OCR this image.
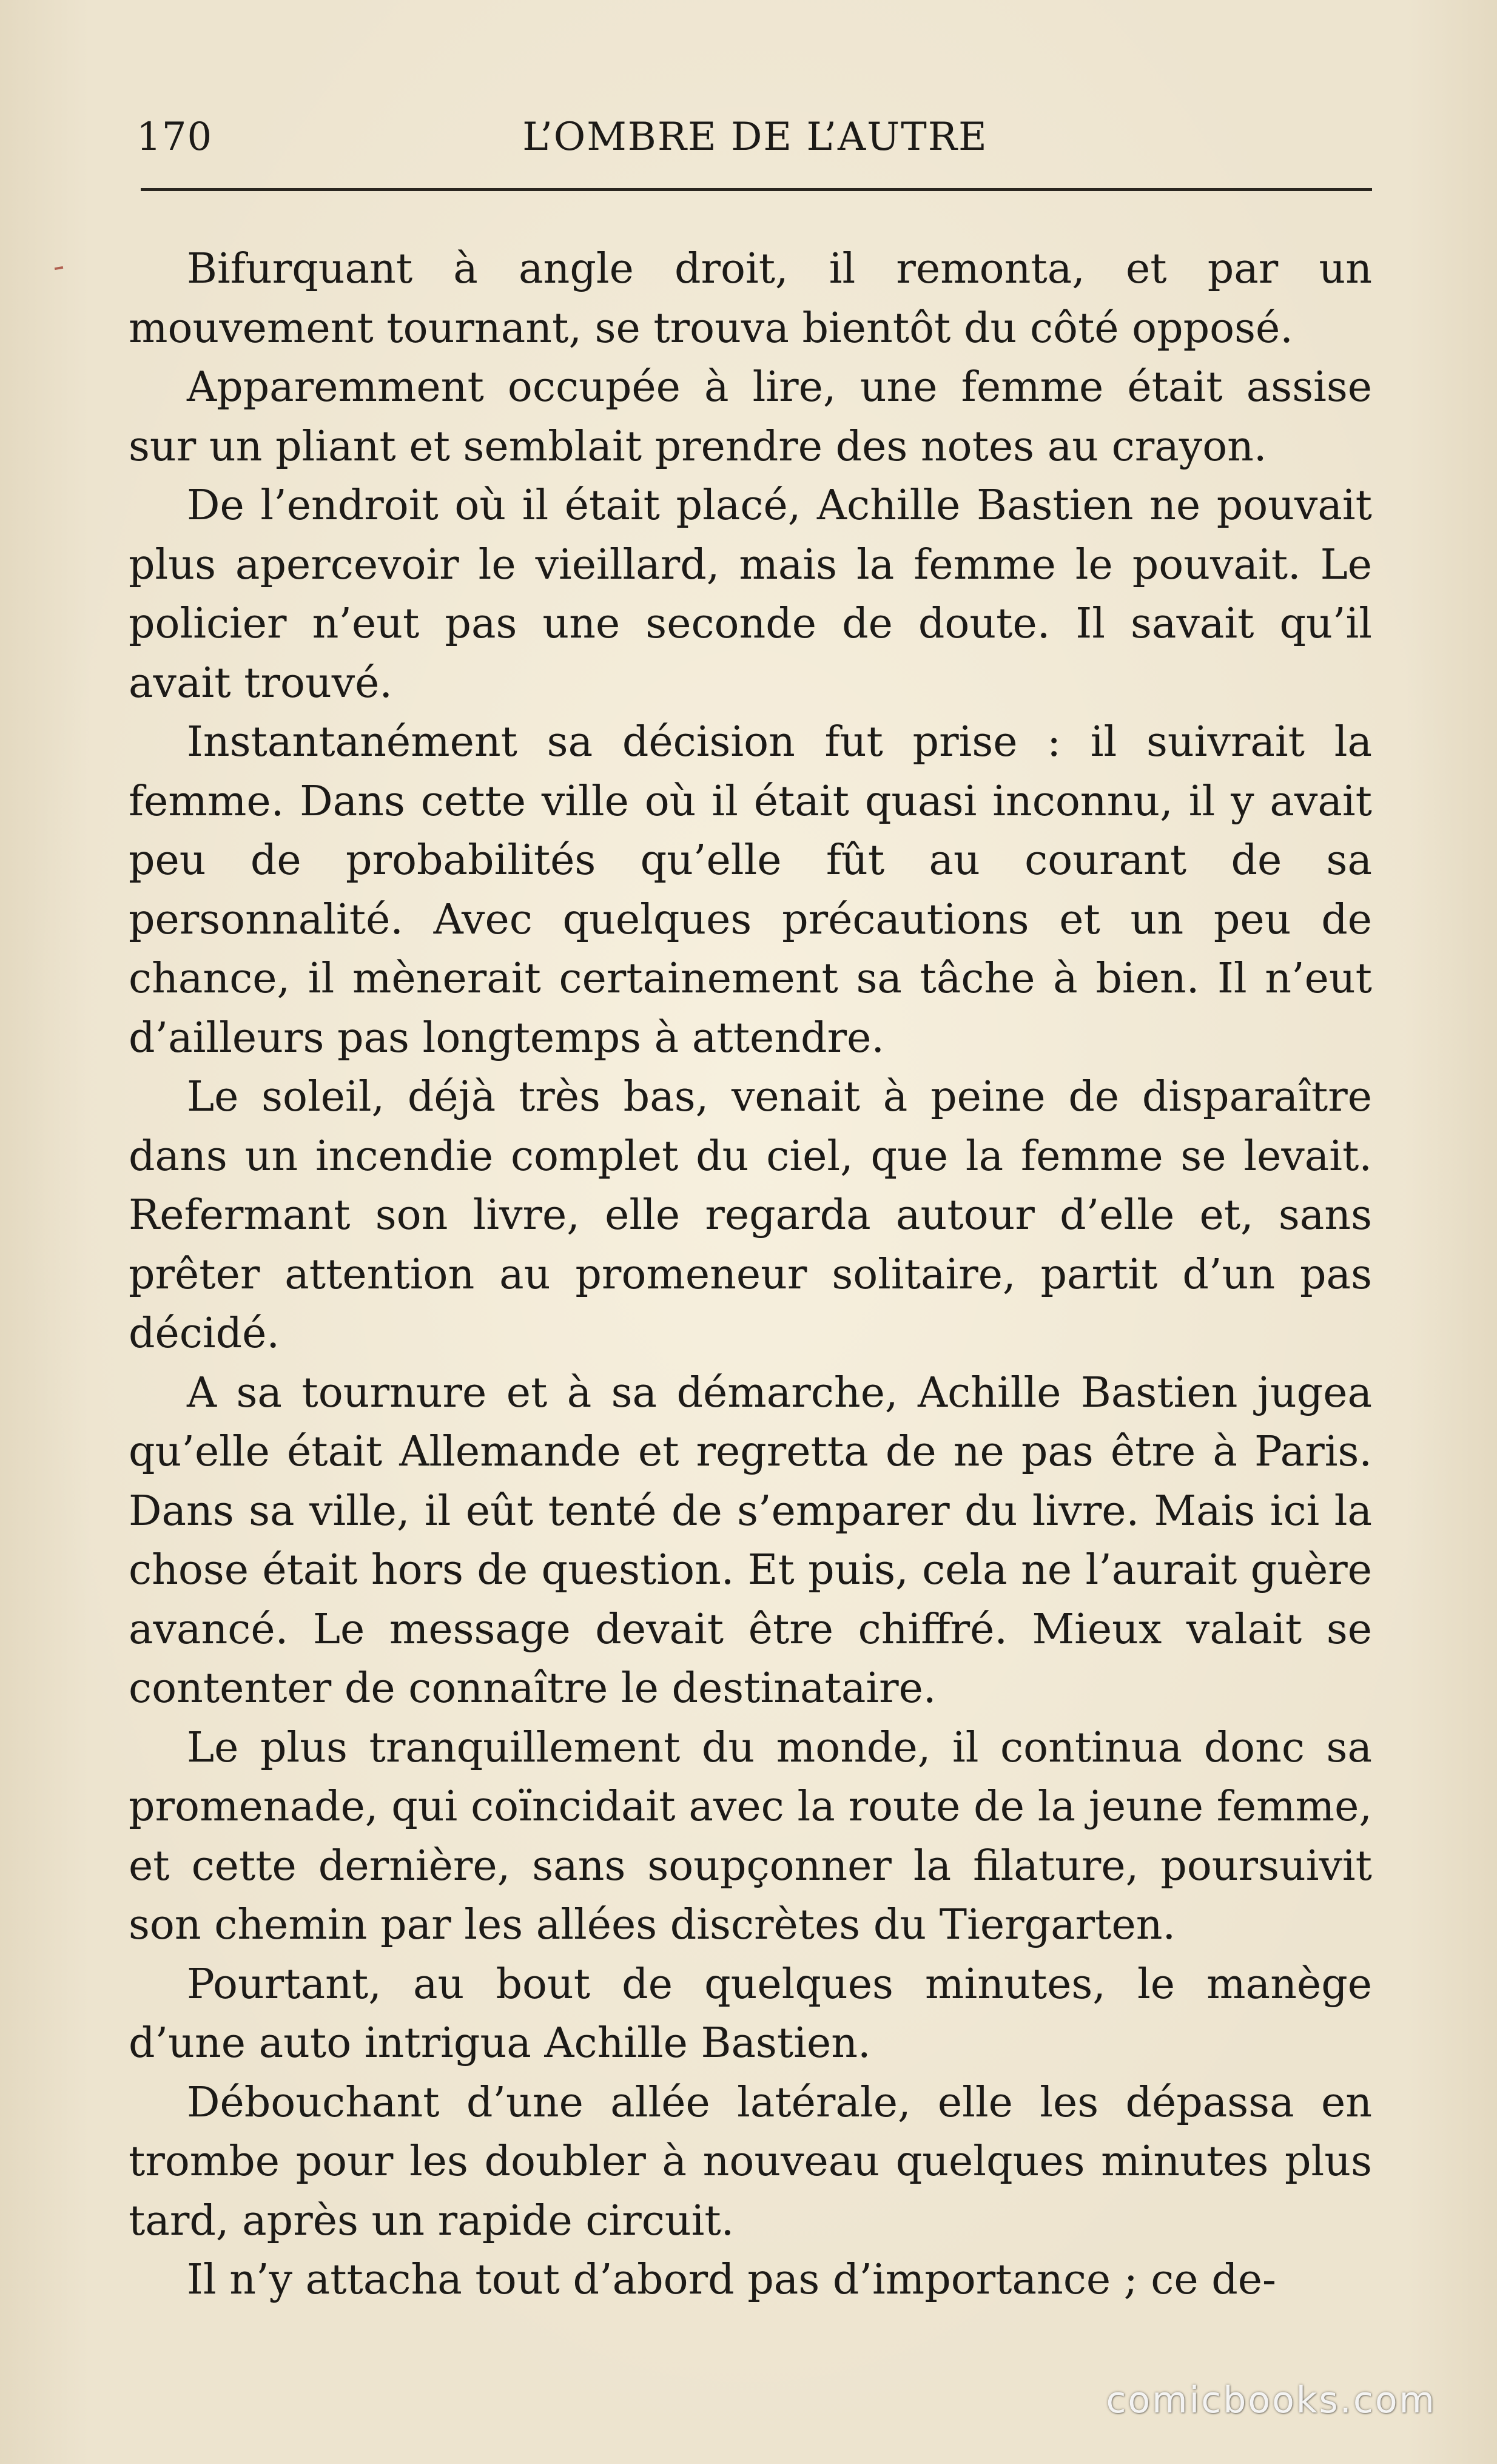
170	L’OMBRE DE L’AUTRE

Bifurquant à angle droit, il remonta, et par un mouvement tournant, se trouva bientôt du côté opposé.

Apparemment occupée à lire, une femme était assise sur un pliant et semblait prendre des notes au crayon.

De l’endroit où il était placé, Achille Bastien ne pouvait plus apercevoir le vieillard, mais la femme le pouvait. Le policier n’eut pas une seconde de doute. Il savait qu’il avait trouvé.

Instantanément sa décision fut prise : il suivrait la femme. Dans cette ville où il était quasi inconnu, il y avait peu de probabilités qu’elle fût au courant de sa personnalité. Avec quelques précautions et un peu de chance, il mènerait certainement sa tâche à bien. Il n’eut d’ailleurs pas longtemps à attendre.

Le soleil, déjà très bas, venait à peine de disparaître dans un incendie complet du ciel, que la femme se levait. Refermant son livre, elle regarda autour d’elle et, sans prêter attention au promeneur solitaire, partit d’un pas décidé.

A sa tournure et à sa démarche, Achille Bastien jugea qu’elle était Allemande et regretta de ne pas être à Paris. Dans sa ville, il eût tenté de s’emparer du livre. Mais ici la chose était hors de question. Et puis, cela ne l’aurait guère avancé. Le message devait être chiffré. Mieux valait se contenter de connaître le destinataire.

Le plus tranquillement du monde, il continua donc sa promenade, qui coïncidait avec la route de la jeune femme, et cette dernière, sans soupçonner la filature, poursuivit son chemin par les allées discrètes du Tiergarten.

Pourtant, au bout de quelques minutes, le manège d’une auto intrigua Achille Bastien.

Débouchant d’une allée latérale, elle les dépassa en trombe pour les doubler à nouveau quelques minutes plus tard, après un rapide circuit.

Il n’y attacha tout d’abord pas d’importance ; ce de-

comicbooks.com
